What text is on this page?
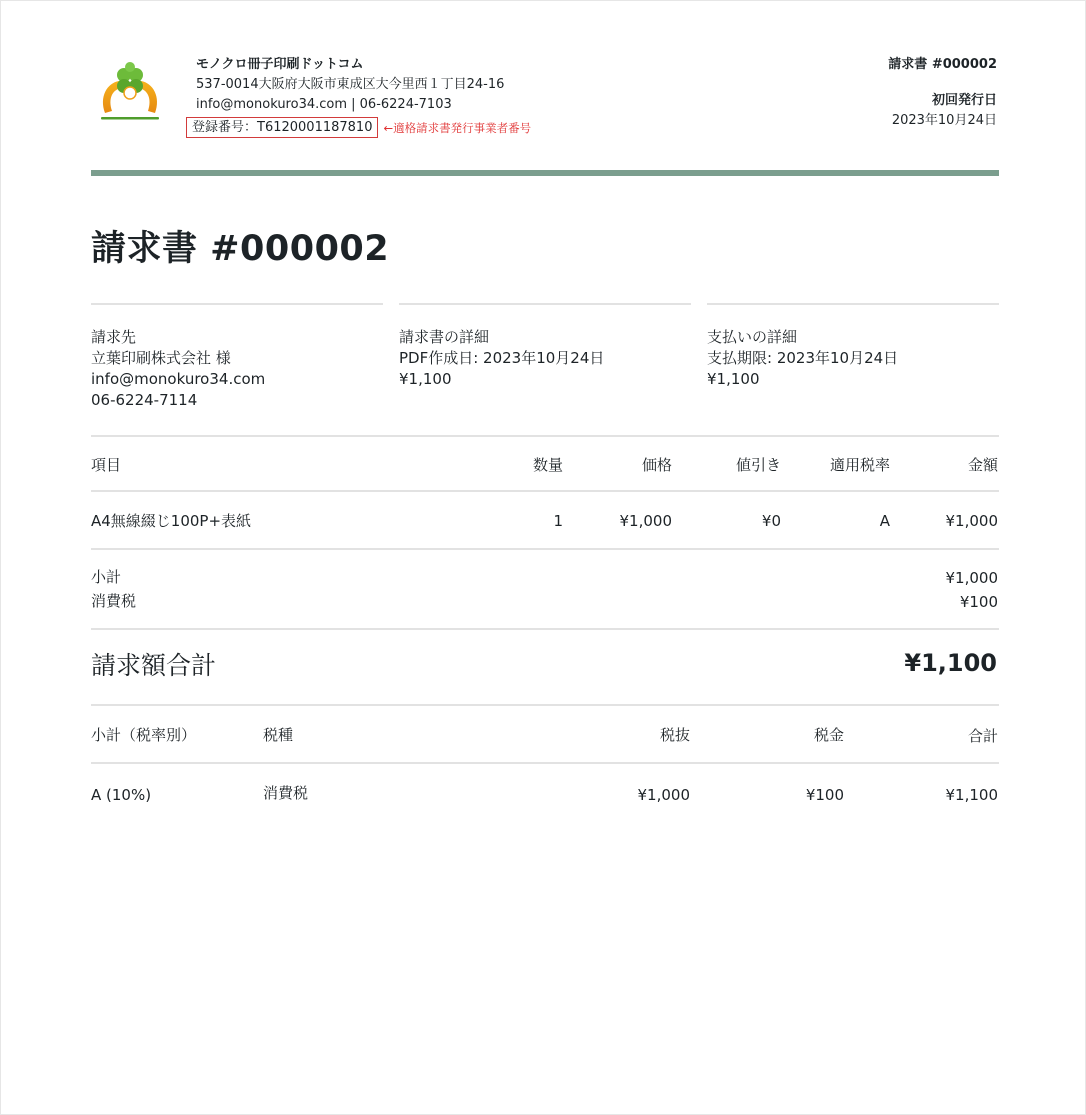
モノクロ冊子印刷ドットコム
537-0014大阪府大阪市東成区大今里西１丁目24-16
info@monokuro34.com | 06-6224-7103
登録番号：T6120001187810 ←適格請求書発行事業者番号
請求書 #000002
初回発行日
2023年10月24日
請求書 #000002
請求先
立葉印刷株式会社 様
info@monokuro34.com
06-6224-7114
請求書の詳細
PDF作成日: 2023年10月24日
¥1,100
支払いの詳細
支払期限: 2023年10月24日
¥1,100
項目	数量	価格	値引き	適用税率	金額
A4無線綴じ100P+表紙	1	¥1,000	¥0	A	¥1,000
小計	¥1,000
消費税	¥100
請求額合計	¥1,100
小計（税率別）	税種	税抜	税金	合計
A (10%)	消費税	¥1,000	¥100	¥1,100
